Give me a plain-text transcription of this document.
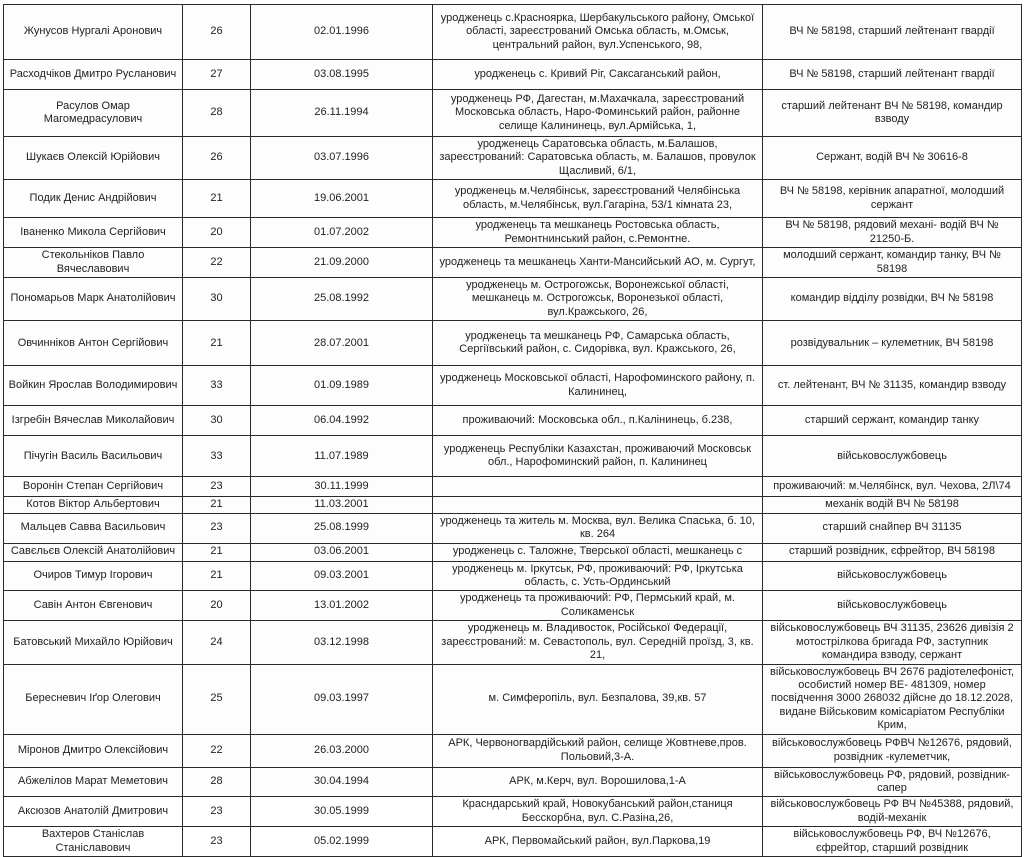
Жунусов Нургалі Аронович	26	02.01.1996	уродженець с.Красноярка, Шербакульського району, Омської області, зареєстрований Омська область, м.Омськ, центральний район, вул.Успенського, 98,	ВЧ № 58198, старший лейтенант гвардії
Расходчіков Дмитро Русланович	27	03.08.1995	уродженець с. Кривий Ріг, Саксаганський район,	ВЧ № 58198, старший лейтенант гвардії
Расулов Омар Магомедрасулович	28	26.11.1994	уродженець РФ, Дагестан, м.Махачкала, зареєстрований Московська область, Наро-Фоминський район, районне селище Калининець, вул.Армійська, 1,	старший лейтенант ВЧ № 58198, командир взводу
Шукаєв Олексій Юрійович	26	03.07.1996	уродженець Саратовська область, м.Балашов, зареєстрований: Саратовська область, м. Балашов, провулок Щасливий, 6/1,	Сержант, водій ВЧ № 30616-8
Подик Денис Андрійович	21	19.06.2001	уродженець м.Челябінськ, зареєстрований Челябінська область, м.Челябінськ, вул.Гагаріна, 53/1 кімната 23,	ВЧ № 58198, керівник апаратної, молодший сержант
Іваненко Микола Сергійович	20	01.07.2002	уродженець та мешканець Ростовська область, Ремонтнинський район, с.Ремонтне.	ВЧ № 58198, рядовий механі- водій ВЧ № 21250-Б.
Стекольніков Павло Вячеславович	22	21.09.2000	уродженець та мешканець Ханти-Мансийський АО, м. Сургут,	молодший сержант, командир танку, ВЧ № 58198
Пономарьов Марк Анатолійович	30	25.08.1992	уродженець м. Острогожськ, Воронежської області, мешканець м. Острогожськ, Воронезької області, вул.Кражського, 26,	командир відділу розвідки, ВЧ № 58198
Овчинніков Антон Сергійович	21	28.07.2001	уродженець та мешканець РФ, Самарська область, Сергіївський район, с. Сидорівка, вул. Кражського, 26,	розвідувальник – кулеметник, ВЧ 58198
Войкин Ярослав Володимирович	33	01.09.1989	уродженець Московської області, Нарофоминского району, п. Калининец,	ст. лейтенант, ВЧ № 31135, командир взводу
Ізгребін Вячеслав Миколайович	30	06.04.1992	проживаючий: Московська обл., п.Калінинець, б.238,	старший сержант, командир танку
Пічугін Василь Васильович	33	11.07.1989	уродженець Республіки Казахстан, проживаючий Московськ обл., Нарофоминский район, п. Калининец	військовослужбовець
Воронін Степан Сергійович	23	30.11.1999		проживаючий: м.Челябінск, вул. Чехова, 2Л\74
Котов Віктор Альбертович	21	11.03.2001		механік водій ВЧ № 58198
Мальцев Савва Васильович	23	25.08.1999	уродженець та житель м. Москва, вул. Велика Спаська, б. 10, кв. 264	старший снайпер ВЧ 31135
Савєльєв Олексій Анатолійович	21	03.06.2001	уродженець с. Таложне, Тверської області, мешканець с	старший розвідник, єфрейтор, ВЧ 58198
Очиров Тимур Ігорович	21	09.03.2001	уродженець м. Іркутськ, РФ, проживаючий: РФ, Іркутська область, с. Усть-Ординський	військовослужбовець
Савін Антон Євгенович	20	13.01.2002	уродженець та проживаючий: РФ, Пермський край, м. Соликаменськ	військовослужбовець
Батовський Михайло Юрійович	24	03.12.1998	уродженець м. Владивосток, Російської Федерації, зареєстрований: м. Севастополь, вул. Середній проїзд, 3, кв. 21,	військовослужбовець ВЧ 31135, 23626 дивізія 2 мотострілкова бригада РФ, заступник командира взводу, сержант
Бересневич Іґор Олегович	25	09.03.1997	м. Симферопіль, вул. Безпалова, 39,кв. 57	військовослужбовець ВЧ 2676 радіотелефоніст, особистий номер ВЕ- 481309, номер посвідчення 3000 268032 дійсне до 18.12.2028, видане Військовим комісаріатом Республіки Крим,
Міронов Дмитро Олексійович	22	26.03.2000	АРК, Червоногвардійський район, селище Жовтневе,пров. Польовий,3-А.	військовослужбовець РФВЧ №12676, рядовий, розвідник -кулеметчик,
Абжелілов Марат Меметович	28	30.04.1994	АРК, м.Керч, вул. Ворошилова,1-А	військовослужбовець РФ, рядовий, розвідник-сапер
Аксюзов Анатолій Дмитрович	23	30.05.1999	Красндарський край, Новокубанський район,станиця Бесскорбна, вул. С.Разіна,26,	військовослужбовець РФ ВЧ №45388, рядовий, водій-механік
Вахтеров Станіслав Станіславович	23	05.02.1999	АРК, Первомайський район, вул.Паркова,19	військовослужбовець РФ, ВЧ №12676, єфрейтор, старший розвідник
